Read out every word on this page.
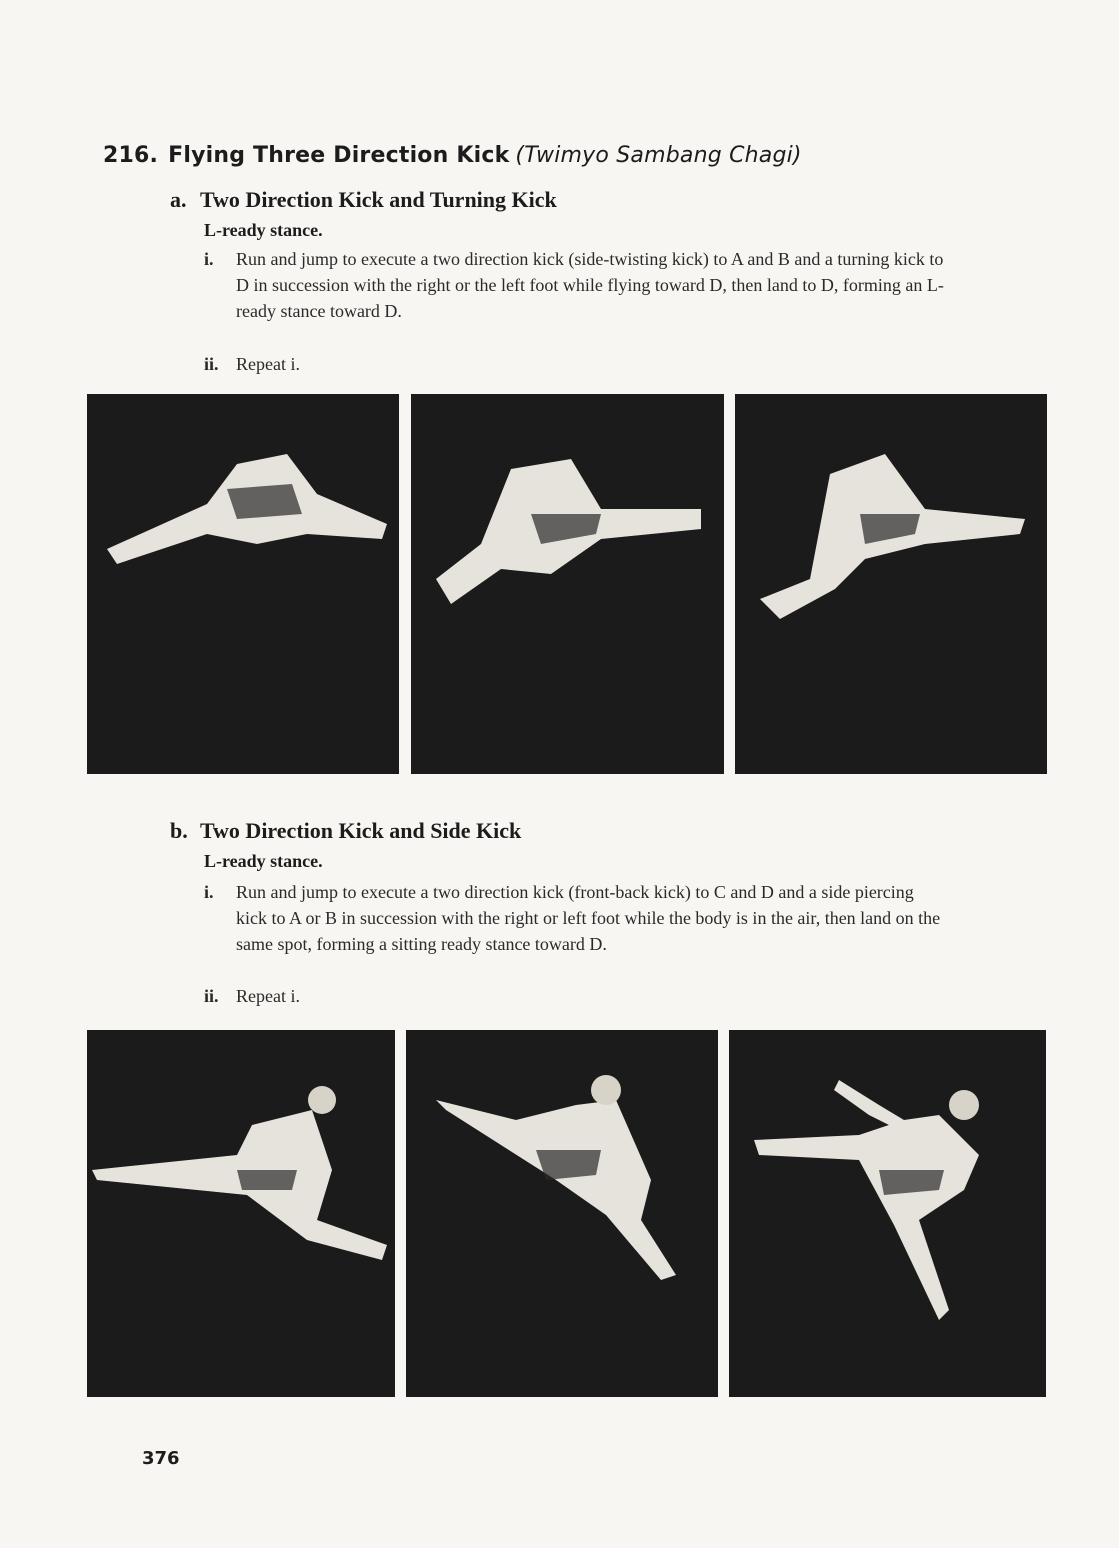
216. Flying Three Direction Kick (Twimyo Sambang Chagi)
a. Two Direction Kick and Turning Kick
L-ready stance.
i. Run and jump to execute a two direction kick (side-twisting kick) to A and B and a turning kick to D in succession with the right or the left foot while flying toward D, then land to D, forming an L-ready stance toward D.
ii. Repeat i.
b. Two Direction Kick and Side Kick
L-ready stance.
i. Run and jump to execute a two direction kick (front-back kick) to C and D and a side piercing kick to A or B in succession with the right or left foot while the body is in the air, then land on the same spot, forming a sitting ready stance toward D.
ii. Repeat i.
376
